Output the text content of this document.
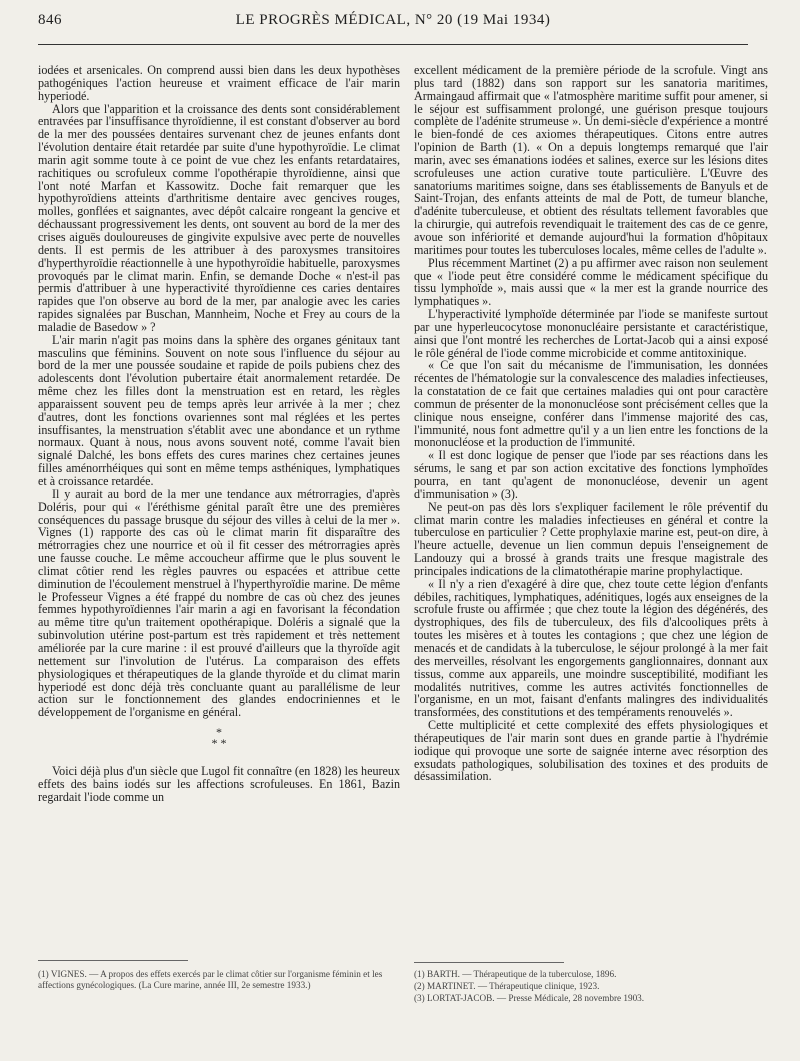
846	LE PROGRÈS MÉDICAL, N° 20 (19 Mai 1934)

iodées et arsenicales. On comprend aussi bien dans les deux hypothèses pathogéniques l'action heureuse et vraiment efficace de l'air marin hyperiodé.

Alors que l'apparition et la croissance des dents sont considérablement entravées par l'insuffisance thyroïdienne, il est constant d'observer au bord de la mer des poussées dentaires survenant chez de jeunes enfants dont l'évolution dentaire était retardée par suite d'une hypothyroïdie. Le climat marin agit somme toute à ce point de vue chez les enfants retardataires, rachitiques ou scrofuleux comme l'opothérapie thyroïdienne, ainsi que l'ont noté Marfan et Kassowitz. Doche fait remarquer que les hypothyroïdiens atteints d'arthritisme dentaire avec gencives rouges, molles, gonflées et saignantes, avec dépôt calcaire rongeant la gencive et déchaussant progressivement les dents, ont souvent au bord de la mer des crises aiguës douloureuses de gingivite expulsive avec perte de nouvelles dents. Il est permis de les attribuer à des paroxysmes transitoires d'hyperthyroïdie réactionnelle à une hypothyroïdie habituelle, paroxysmes provoqués par le climat marin. Enfin, se demande Doche « n'est-il pas permis d'attribuer à une hyperactivité thyroïdienne ces caries dentaires rapides que l'on observe au bord de la mer, par analogie avec les caries rapides signalées par Buschan, Mannheim, Noche et Frey au cours de la maladie de Basedow » ?

L'air marin n'agit pas moins dans la sphère des organes génitaux tant masculins que féminins. Souvent on note sous l'influence du séjour au bord de la mer une poussée soudaine et rapide de poils pubiens chez des adolescents dont l'évolution pubertaire était anormalement retardée. De même chez les filles dont la menstruation est en retard, les règles apparaissent souvent peu de temps après leur arrivée à la mer ; chez d'autres, dont les fonctions ovariennes sont mal réglées et les pertes insuffisantes, la menstruation s'établit avec une abondance et un rythme normaux. Quant à nous, nous avons souvent noté, comme l'avait bien signalé Dalché, les bons effets des cures marines chez certaines jeunes filles aménorrhéiques qui sont en même temps asthéniques, lymphatiques et à croissance retardée.

Il y aurait au bord de la mer une tendance aux métrorragies, d'après Doléris, pour qui « l'éréthisme génital paraît être une des premières conséquences du passage brusque du séjour des villes à celui de la mer ». Vignes (1) rapporte des cas où le climat marin fit disparaître des métrorragies chez une nourrice et où il fit cesser des métrorragies après une fausse couche. Le même accoucheur affirme que le plus souvent le climat côtier rend les règles pauvres ou espacées et attribue cette diminution de l'écoulement menstruel à l'hyperthyroïdie marine. De même le Professeur Vignes a été frappé du nombre de cas où chez des jeunes femmes hypothyroïdiennes l'air marin a agi en favorisant la fécondation au même titre qu'un traitement opothérapique. Doléris a signalé que la subinvolution utérine post-partum est très rapidement et très nettement améliorée par la cure marine : il est prouvé d'ailleurs que la thyroïde agit nettement sur l'involution de l'utérus. La comparaison des effets physiologiques et thérapeutiques de la glande thyroïde et du climat marin hyperiodé est donc déjà très concluante quant au parallélisme de leur action sur le fonctionnement des glandes endocriniennes et le développement de l'organisme en général.

*
* *

Voici déjà plus d'un siècle que Lugol fit connaître (en 1828) les heureux effets des bains iodés sur les affections scrofuleuses. En 1861, Bazin regardait l'iode comme un

excellent médicament de la première période de la scrofule. Vingt ans plus tard (1882) dans son rapport sur les sanatoria maritimes, Armaingaud affirmait que « l'atmosphère maritime suffit pour amener, si le séjour est suffisamment prolongé, une guérison presque toujours complète de l'adénite strumeuse ». Un demi-siècle d'expérience a montré le bien-fondé de ces axiomes thérapeutiques. Citons entre autres l'opinion de Barth (1). « On a depuis longtemps remarqué que l'air marin, avec ses émanations iodées et salines, exerce sur les lésions dites scrofuleuses une action curative toute particulière. L'Œuvre des sanatoriums maritimes soigne, dans ses établissements de Banyuls et de Saint-Trojan, des enfants atteints de mal de Pott, de tumeur blanche, d'adénite tuberculeuse, et obtient des résultats tellement favorables que la chirurgie, qui autrefois revendiquait le traitement des cas de ce genre, avoue son infériorité et demande aujourd'hui la formation d'hôpitaux maritimes pour toutes les tuberculoses locales, même celles de l'adulte ».

Plus récemment Martinet (2) a pu affirmer avec raison non seulement que « l'iode peut être considéré comme le médicament spécifique du tissu lymphoïde », mais aussi que « la mer est la grande nourrice des lymphatiques ».

L'hyperactivité lymphoïde déterminée par l'iode se manifeste surtout par une hyperleucocytose mononucléaire persistante et caractéristique, ainsi que l'ont montré les recherches de Lortat-Jacob qui a ainsi exposé le rôle général de l'iode comme microbicide et comme antitoxinique.

« Ce que l'on sait du mécanisme de l'immunisation, les données récentes de l'hématologie sur la convalescence des maladies infectieuses, la constatation de ce fait que certaines maladies qui ont pour caractère commun de présenter de la mononucléose sont précisément celles que la clinique nous enseigne, conférer dans l'immense majorité des cas, l'immunité, nous font admettre qu'il y a un lien entre les fonctions de la mononucléose et la production de l'immunité.

« Il est donc logique de penser que l'iode par ses réactions dans les sérums, le sang et par son action excitative des fonctions lymphoïdes pourra, en tant qu'agent de mononucléose, devenir un agent d'immunisation » (3).

Ne peut-on pas dès lors s'expliquer facilement le rôle préventif du climat marin contre les maladies infectieuses en général et contre la tuberculose en particulier ? Cette prophylaxie marine est, peut-on dire, à l'heure actuelle, devenue un lien commun depuis l'enseignement de Landouzy qui a brossé à grands traits une fresque magistrale des principales indications de la climatothérapie marine prophylactique.

« Il n'y a rien d'exagéré à dire que, chez toute cette légion d'enfants débiles, rachitiques, lymphatiques, adénitiques, logés aux enseignes de la scrofule fruste ou affirmée ; que chez toute la légion des dégénérés, des dystrophiques, des fils de tuberculeux, des fils d'alcooliques prêts à toutes les misères et à toutes les contagions ; que chez une légion de menacés et de candidats à la tuberculose, le séjour prolongé à la mer fait des merveilles, résolvant les engorgements ganglionnaires, donnant aux tissus, comme aux appareils, une moindre susceptibilité, modifiant les modalités nutritives, comme les autres activités fonctionnelles de l'organisme, en un mot, faisant d'enfants malingres des individualités transformées, des constitutions et des tempéraments renouvelés ».

Cette multiplicité et cette complexité des effets physiologiques et thérapeutiques de l'air marin sont dues en grande partie à l'hydrémie iodique qui provoque une sorte de saignée interne avec résorption des exsudats pathologiques, solubilisation des toxines et des produits de désassimilation.

(1) VIGNES. — A propos des effets exercés par le climat côtier sur l'organisme féminin et les affections gynécologiques. (La Cure marine, année III, 2e semestre 1933.)

(1) BARTH. — Thérapeutique de la tuberculose, 1896.

(2) MARTINET. — Thérapeutique clinique, 1923.

(3) LORTAT-JACOB. — Presse Médicale, 28 novembre 1903.
